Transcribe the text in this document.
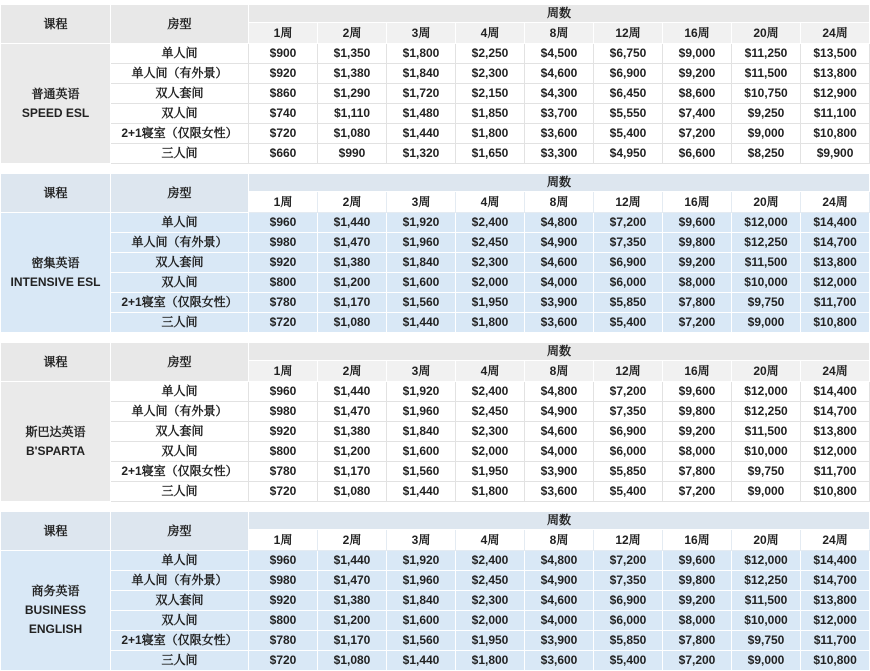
课程	房型	周数								
		1周	2周	3周	4周	8周	12周	16周	20周	24周

普通英语
SPEED ESL	单人间	$900	$1,350	$1,800	$2,250	$4,500	$6,750	$9,000	$11,250	$13,500
	单人间（有外景）	$920	$1,380	$1,840	$2,300	$4,600	$6,900	$9,200	$11,500	$13,800
	双人套间	$860	$1,290	$1,720	$2,150	$4,300	$6,450	$8,600	$10,750	$12,900
	双人间	$740	$1,110	$1,480	$1,850	$3,700	$5,550	$7,400	$9,250	$11,100
	2+1寝室（仅限女性）	$720	$1,080	$1,440	$1,800	$3,600	$5,400	$7,200	$9,000	$10,800
	三人间	$660	$990	$1,320	$1,650	$3,300	$4,950	$6,600	$8,250	$9,900
课程	房型	周数								
		1周	2周	3周	4周	8周	12周	16周	20周	24周

密集英语
INTENSIVE ESL	单人间	$960	$1,440	$1,920	$2,400	$4,800	$7,200	$9,600	$12,000	$14,400
	单人间（有外景）	$980	$1,470	$1,960	$2,450	$4,900	$7,350	$9,800	$12,250	$14,700
	双人套间	$920	$1,380	$1,840	$2,300	$4,600	$6,900	$9,200	$11,500	$13,800
	双人间	$800	$1,200	$1,600	$2,000	$4,000	$6,000	$8,000	$10,000	$12,000
	2+1寝室（仅限女性）	$780	$1,170	$1,560	$1,950	$3,900	$5,850	$7,800	$9,750	$11,700
	三人间	$720	$1,080	$1,440	$1,800	$3,600	$5,400	$7,200	$9,000	$10,800
课程	房型	周数								
		1周	2周	3周	4周	8周	12周	16周	20周	24周

斯巴达英语
B'SPARTA	单人间	$960	$1,440	$1,920	$2,400	$4,800	$7,200	$9,600	$12,000	$14,400
	单人间（有外景）	$980	$1,470	$1,960	$2,450	$4,900	$7,350	$9,800	$12,250	$14,700
	双人套间	$920	$1,380	$1,840	$2,300	$4,600	$6,900	$9,200	$11,500	$13,800
	双人间	$800	$1,200	$1,600	$2,000	$4,000	$6,000	$8,000	$10,000	$12,000
	2+1寝室（仅限女性）	$780	$1,170	$1,560	$1,950	$3,900	$5,850	$7,800	$9,750	$11,700
	三人间	$720	$1,080	$1,440	$1,800	$3,600	$5,400	$7,200	$9,000	$10,800
课程	房型	周数								
		1周	2周	3周	4周	8周	12周	16周	20周	24周

商务英语
BUSINESS
ENGLISH	单人间	$960	$1,440	$1,920	$2,400	$4,800	$7,200	$9,600	$12,000	$14,400
	单人间（有外景）	$980	$1,470	$1,960	$2,450	$4,900	$7,350	$9,800	$12,250	$14,700
	双人套间	$920	$1,380	$1,840	$2,300	$4,600	$6,900	$9,200	$11,500	$13,800
	双人间	$800	$1,200	$1,600	$2,000	$4,000	$6,000	$8,000	$10,000	$12,000
	2+1寝室（仅限女性）	$780	$1,170	$1,560	$1,950	$3,900	$5,850	$7,800	$9,750	$11,700
	三人间	$720	$1,080	$1,440	$1,800	$3,600	$5,400	$7,200	$9,000	$10,800
